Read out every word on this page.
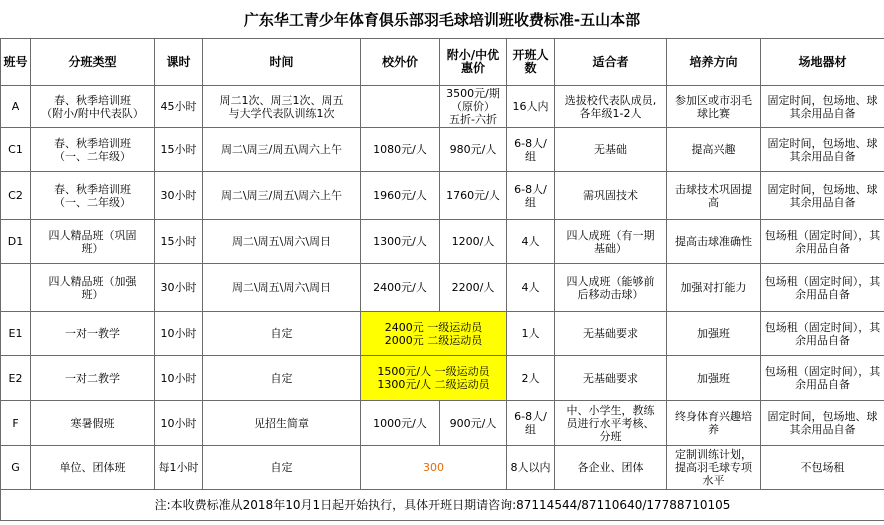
广东华工青少年体育俱乐部羽毛球培训班收费标准-五山本部
班号	分班类型	课时	时间	校外价	附小/中优
惠价	开班人
数	适合者	培养方向	场地器材
A	春、秋季培训班
（附小/附中代表队）	45小时	周二1次、周三1次、周五
与大学代表队训练1次		3500元/期
（原价）
五折-六折	16人内	选拔校代表队成员,
各年级1-2人	参加区或市羽毛
球比赛	固定时间，包场地、球
其余用品自备
C1	春、秋季培训班
（一、二年级）	15小时	周二\周三/周五\周六上午	1080元/人	980元/人	6-8人/
组	无基础	提高兴趣	固定时间，包场地、球
其余用品自备
C2	春、秋季培训班
（一、二年级）	30小时	周二\周三/周五\周六上午	1960元/人	1760元/人	6-8人/
组	需巩固技术	击球技术巩固提
高	固定时间，包场地、球
其余用品自备
D1	四人精品班（巩固
班）	15小时	周二\周五\周六\周日	1300元/人	1200/人	4人	四人成班（有一期
基础）	提高击球准确性	包场租（固定时间），其
余用品自备
	四人精品班（加强
班）	30小时	周二\周五\周六\周日	2400元/人	2200/人	4人	四人成班（能够前
后移动击球）	加强对打能力	包场租（固定时间），其
余用品自备
E1	一对一教学	10小时	自定	2400元 一级运动员
2000元 二级运动员		1人	无基础要求	加强班	包场租（固定时间），其
余用品自备
E2	一对二教学	10小时	自定	1500元/人 一级运动员
1300元/人 二级运动员		2人	无基础要求	加强班	包场租（固定时间），其
余用品自备
F	寒暑假班	10小时	见招生简章	1000元/人	900元/人	6-8人/
组	中、小学生，教练
员进行水平考核、
分班	终身体育兴趣培
养	固定时间，包场地、球
其余用品自备
G	单位、团体班	每1小时	自定	300		8人以内	各企业、团体	定制训练计划，
提高羽毛球专项
水平	不包场租
注:本收费标准从2018年10月1日起开始执行，具体开班日期请咨询:87114544/87110640/17788710105									
